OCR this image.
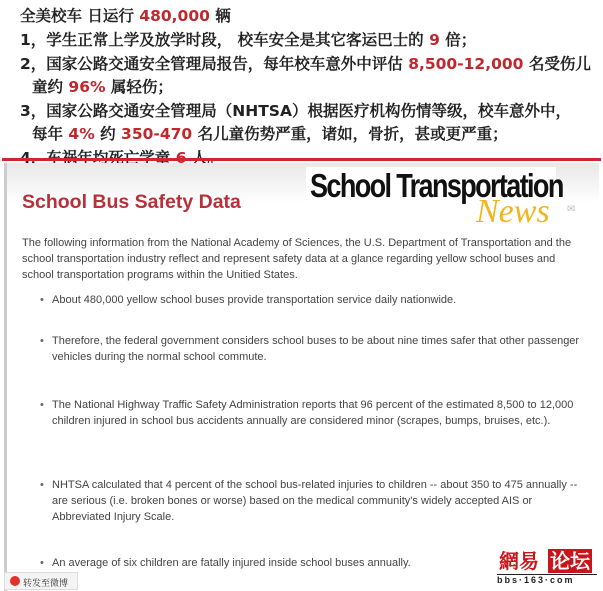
全美校车 日运行 480,000 辆
1，学生正常上学及放学时段， 校车安全是其它客运巴士的 9 倍；
2，国家公路交通安全管理局报告，每年校车意外中评估 8,500-12,000 名受伤儿
童约 96% 属轻伤；
3，国家公路交通安全管理局（NHTSA）根据医疗机构伤情等级，校车意外中，
每年 4% 约 350-470 名儿童伤势严重，诸如，骨折，甚或更严重；
School Bus Safety Data School Transportation
News ✉
The following information from the National Academy of Sciences, the U.S. Department of Transportation and the school transportation industry reflect and represent safety data at a glance regarding yellow school buses and school transportation programs within the Unitied States.
• About 480,000 yellow school buses provide transportation service daily nationwide.
• Therefore, the federal government considers school buses to be about nine times safer that other passenger vehicles during the normal school commute.
• The National Highway Traffic Safety Administration reports that 96 percent of the estimated 8,500 to 12,000 children injured in school bus accidents annually are considered minor (scrapes, bumps, bruises, etc.).
• NHTSA calculated that 4 percent of the school bus-related injuries to children -- about 350 to 475 annually -- are serious (i.e. broken bones or worse) based on the medical community's widely accepted AIS or Abbreviated Injury Scale.
• An average of six children are fatally injured inside school buses annually.
转发至微博
網易 论坛
bbs·163·com
